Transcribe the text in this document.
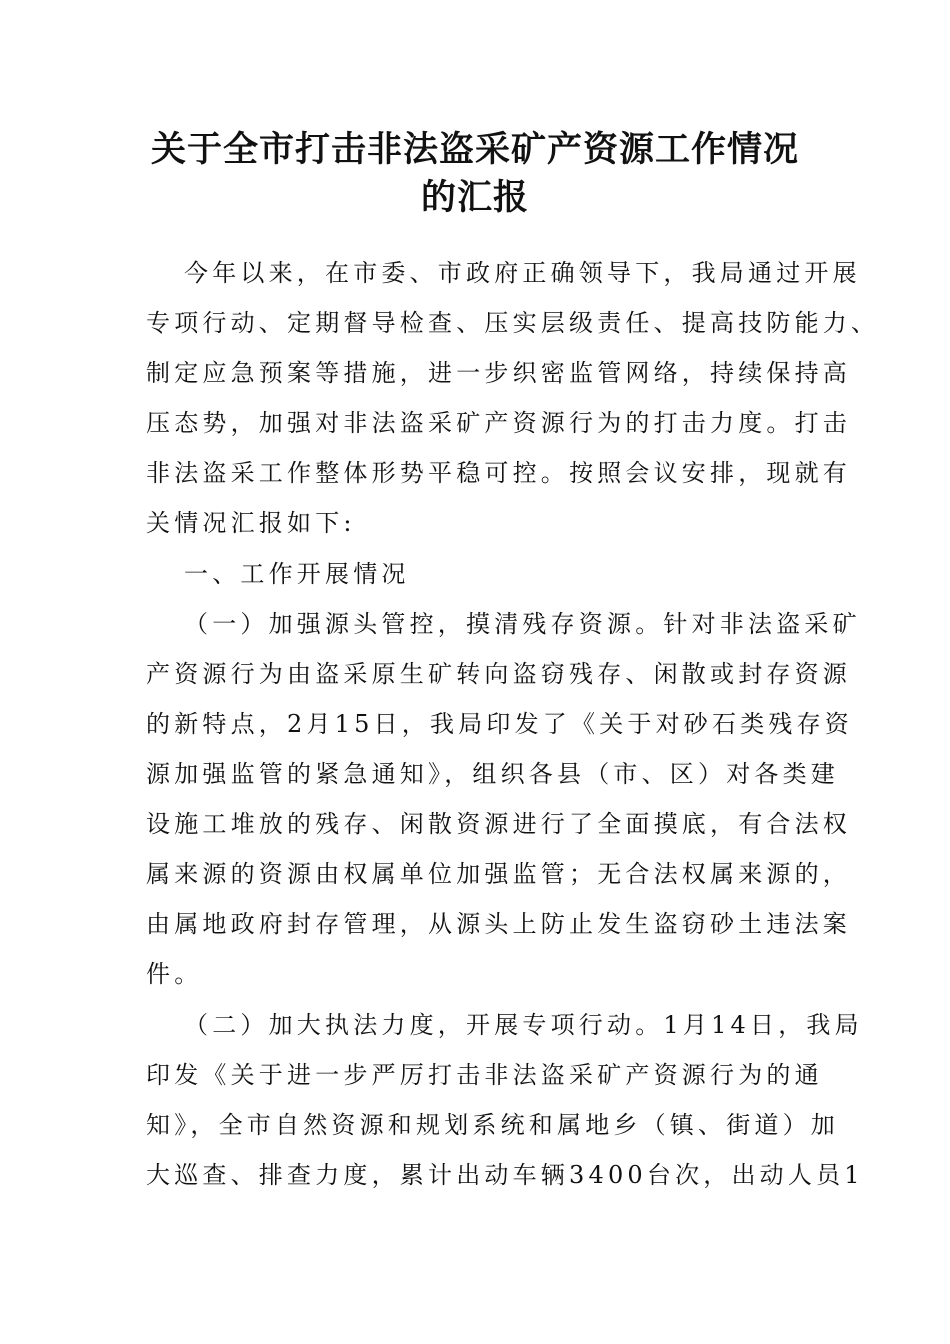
关于全市打击非法盗采矿产资源工作情况
的汇报
今年以来，在市委、市政府正确领导下，我局通过开展
专项行动、定期督导检查、压实层级责任、提高技防能力、
制定应急预案等措施，进一步织密监管网络，持续保持高
压态势，加强对非法盗采矿产资源行为的打击力度。打击
非法盗采工作整体形势平稳可控。按照会议安排，现就有
关情况汇报如下:
一、工作开展情况
（一）加强源头管控，摸清残存资源。针对非法盗采矿
产资源行为由盗采原生矿转向盗窃残存、闲散或封存资源
的新特点，2月15日，我局印发了《关于对砂石类残存资
源加强监管的紧急通知》，组织各县（市、区）对各类建
设施工堆放的残存、闲散资源进行了全面摸底，有合法权
属来源的资源由权属单位加强监管；无合法权属来源的，
由属地政府封存管理，从源头上防止发生盗窃砂土违法案
件。
（二）加大执法力度，开展专项行动。1月14日，我局
印发《关于进一步严厉打击非法盗采矿产资源行为的通
知》，全市自然资源和规划系统和属地乡（镇、街道）加
大巡查、排查力度，累计出动车辆3400台次，出动人员1
